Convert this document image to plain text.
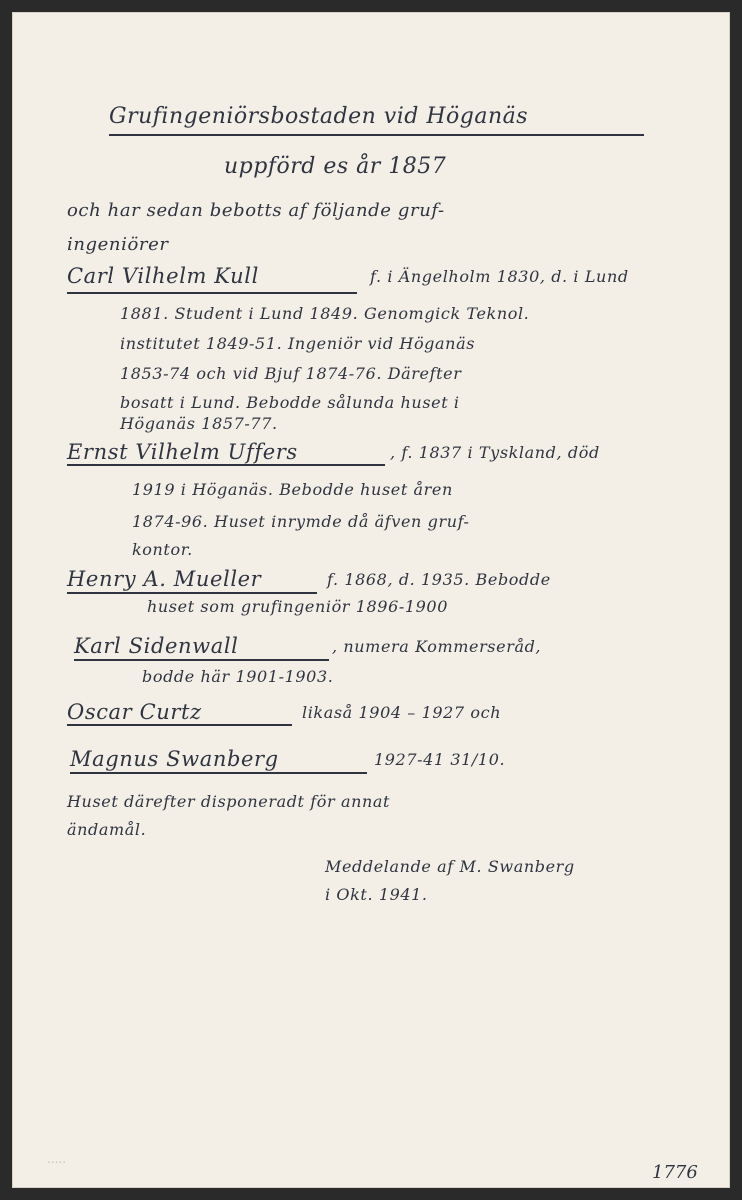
Grufingeniörsbostaden vid Höganäs
uppförd es år 1857
och har sedan bebotts af följande gruf-
ingeniörer
Carl Vilhelm Kull	f. i Ängelholm 1830, d. i Lund
1881. Student i Lund 1849. Genomgick Teknol.
institutet 1849-51. Ingeniör vid Höganäs
1853-74 och vid Bjuf 1874-76. Därefter
bosatt i Lund. Bebodde sålunda huset i
Höganäs 1857-77.
Ernst Vilhelm Uffers	, f. 1837 i Tyskland, död
1919 i Höganäs. Bebodde huset åren
1874-96. Huset inrymde då äfven gruf-
kontor.
Henry A. Mueller	f. 1868, d. 1935. Bebodde
huset som grufingeniör 1896-1900
Karl Sidenwall	, numera Kommerseråd,
bodde här 1901-1903.
Oscar Curtz	likaså 1904 – 1927 och
Magnus Swanberg	1927-41 31/10.
Huset därefter disponeradt för annat
ändamål.
Meddelande af M. Swanberg
i Okt. 1941.
.....
1776
